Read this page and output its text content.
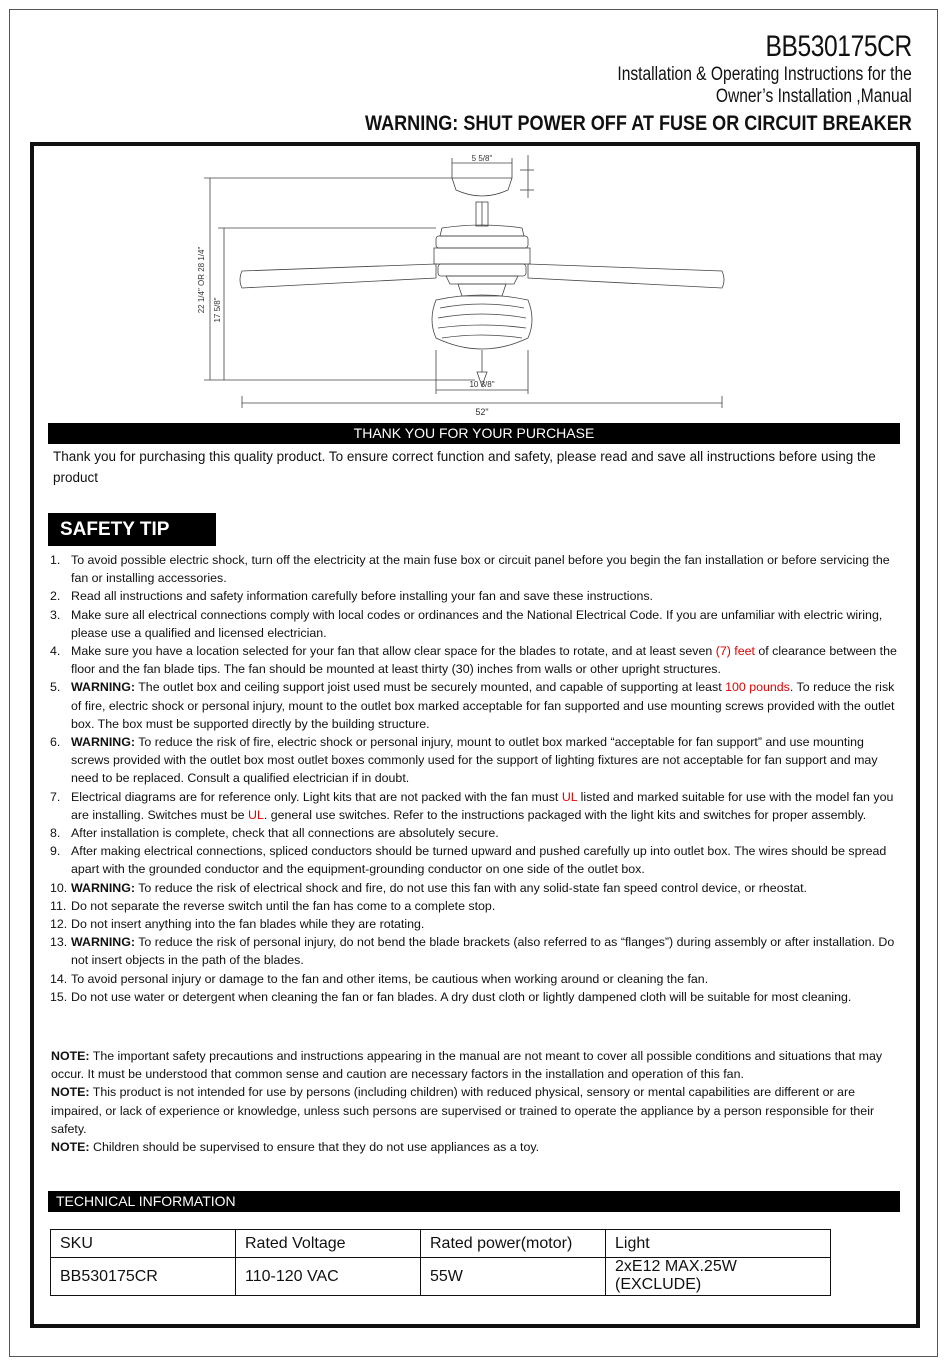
BB530175CR
Installation & Operating Instructions for the
Owner’s Installation ,Manual
WARNING: SHUT POWER OFF AT FUSE OR CIRCUIT BREAKER
52"
10 3/8"
5 5/8"
22 1/4" OR 28 1/4" 17 5/8"
THANK YOU FOR YOUR PURCHASE
Thank you for purchasing this quality product. To ensure correct function and safety, please read and save all instructions before using the product
SAFETY TIP
1. To avoid possible electric shock, turn off the electricity at the main fuse box or circuit panel before you begin the fan installation or before servicing the fan or installing accessories.
2. Read all instructions and safety information carefully before installing your fan and save these instructions.
3. Make sure all electrical connections comply with local codes or ordinances and the National Electrical Code. If you are unfamiliar with electric wiring, please use a qualified and licensed electrician.
4. Make sure you have a location selected for your fan that allow clear space for the blades to rotate, and at least seven (7) feet of clearance between the floor and the fan blade tips. The fan should be mounted at least thirty (30) inches from walls or other upright structures.
5. WARNING: The outlet box and ceiling support joist used must be securely mounted, and capable of supporting at least 100 pounds. To reduce the risk of fire, electric shock or personal injury, mount to the outlet box marked acceptable for fan supported and use mounting screws provided with the outlet box. The box must be supported directly by the building structure.
6. WARNING: To reduce the risk of fire, electric shock or personal injury, mount to outlet box marked “acceptable for fan support” and use mounting screws provided with the outlet box most outlet boxes commonly used for the support of lighting fixtures are not acceptable for fan support and may need to be replaced. Consult a qualified electrician if in doubt.
7. Electrical diagrams are for reference only. Light kits that are not packed with the fan must UL listed and marked suitable for use with the model fan you are installing. Switches must be UL. general use switches. Refer to the instructions packaged with the light kits and switches for proper assembly.
8. After installation is complete, check that all connections are absolutely secure.
9. After making electrical connections, spliced conductors should be turned upward and pushed carefully up into outlet box. The wires should be spread apart with the grounded conductor and the equipment-grounding conductor on one side of the outlet box.
10. WARNING: To reduce the risk of electrical shock and fire, do not use this fan with any solid-state fan speed control device, or rheostat.
11. Do not separate the reverse switch until the fan has come to a complete stop.
12. Do not insert anything into the fan blades while they are rotating.
13. WARNING: To reduce the risk of personal injury, do not bend the blade brackets (also referred to as “flanges”) during assembly or after installation. Do not insert objects in the path of the blades.
14. To avoid personal injury or damage to the fan and other items, be cautious when working around or cleaning the fan.
15. Do not use water or detergent when cleaning the fan or fan blades. A dry dust cloth or lightly dampened cloth will be suitable for most cleaning.

NOTE: The important safety precautions and instructions appearing in the manual are not meant to cover all possible conditions and situations that may occur. It must be understood that common sense and caution are necessary factors in the installation and operation of this fan.

NOTE: This product is not intended for use by persons (including children) with reduced physical, sensory or mental capabilities are different or are impaired, or lack of experience or knowledge, unless such persons are supervised or trained to operate the appliance by a person responsible for their safety.

NOTE: Children should be supervised to ensure that they do not use appliances as a toy.

TECHNICAL INFORMATION
SKU	Rated Voltage	Rated power(motor)	Light
BB530175CR	110-120 VAC	55W	2xE12 MAX.25W (EXCLUDE)
